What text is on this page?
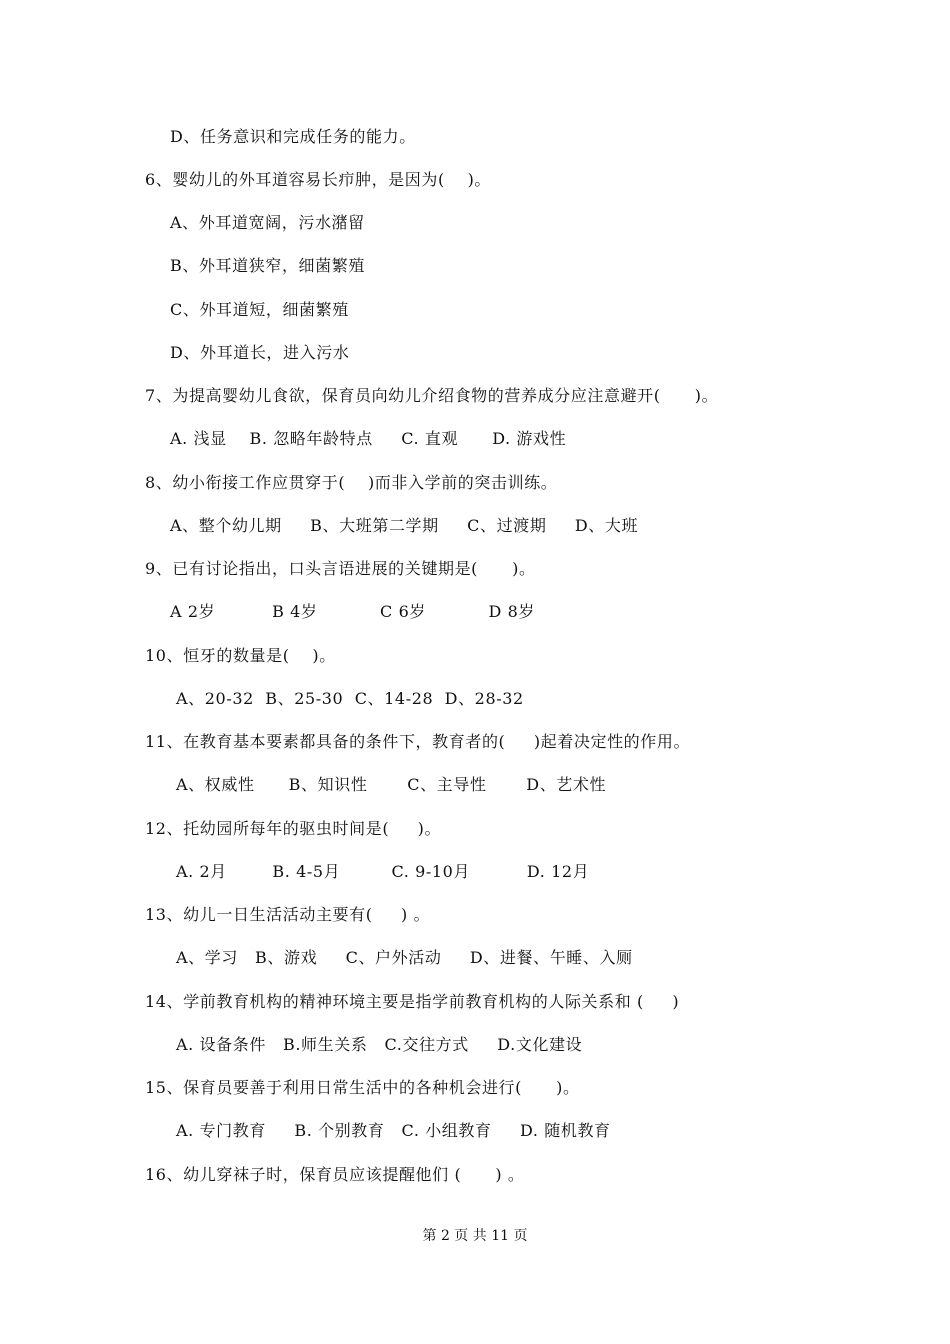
D、任务意识和完成任务的能力。
6、婴幼儿的外耳道容易长疖肿，是因为(    )。
A、外耳道宽阔，污水潴留
B、外耳道狭窄，细菌繁殖
C、外耳道短，细菌繁殖
D、外耳道长，进入污水
7、为提高婴幼儿食欲，保育员向幼儿介绍食物的营养成分应注意避开(      )。
A. 浅显    B. 忽略年龄特点     C. 直观      D. 游戏性
8、幼小衔接工作应贯穿于(    )而非入学前的突击训练。
A、整个幼儿期     B、大班第二学期     C、过渡期     D、大班
9、已有讨论指出，口头言语进展的关键期是(      )。
A 2岁          B 4岁           C 6岁           D 8岁
10、恒牙的数量是(    )。
A、20-32  B、25-30  C、14-28  D、28-32
11、在教育基本要素都具备的条件下，教育者的(     )起着决定性的作用。
A、权威性      B、知识性       C、主导性       D、艺术性
12、托幼园所每年的驱虫时间是(     )。
A. 2月        B. 4-5月         C. 9-10月          D. 12月
13、幼儿一日生活活动主要有(     ) 。
A、学习   B、游戏     C、户外活动     D、进餐、午睡、入厕
14、学前教育机构的精神环境主要是指学前教育机构的人际关系和 (     )
A. 设备条件   B.师生关系   C.交往方式     D.文化建设
15、保育员要善于利用日常生活中的各种机会进行(      )。
A. 专门教育     B. 个别教育   C. 小组教育     D. 随机教育
16、幼儿穿袜子时，保育员应该提醒他们 (      ) 。
第 2 页 共 11 页
